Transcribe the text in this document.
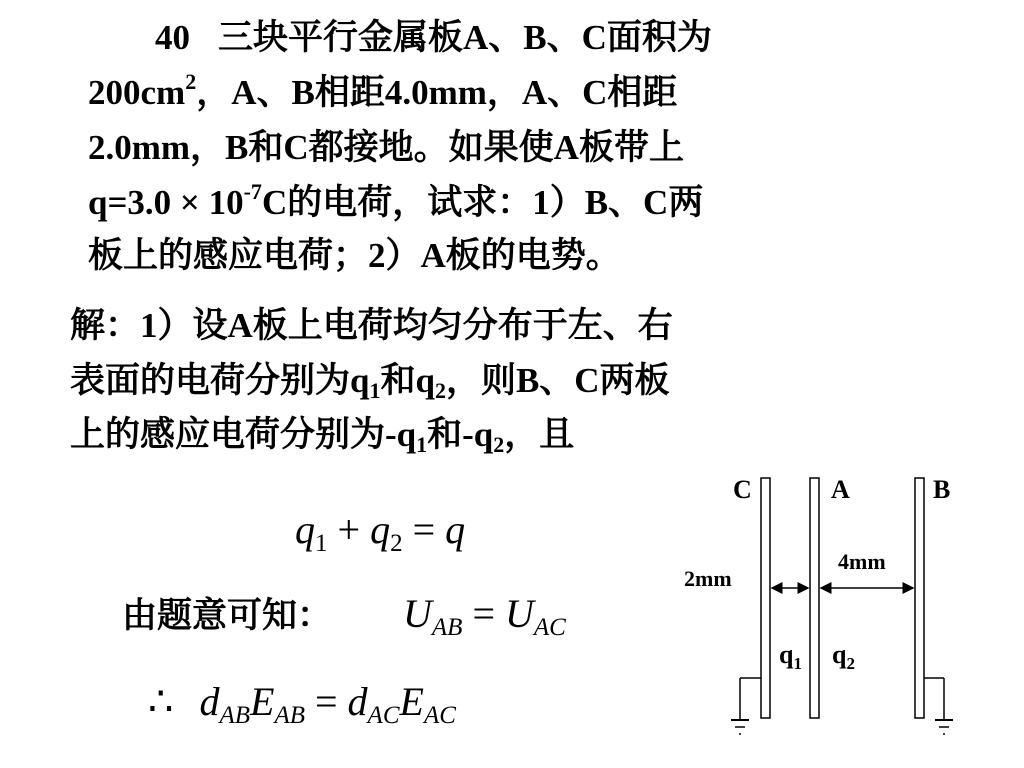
40 三块平行金属板A、B、C面积为
$200cm^2$，A、B相距4.0mm，A、C相距
2.0mm，B和C都接地。如果使A板带上
$q=3.0 \times 10^{-7}C$的电荷，试求：1）B、C两
板上的感应电荷；2）A板的电势。
解：1）设A板上电荷均匀分布于左、右
表面的电荷分别为$q_1$和$q_2$，则B、C两板
上的感应电荷分别为$-q_1$和$-q_2$，且
$q_1 + q_2 = q$
由题意可知： $U_{AB} = U_{AC}$
∴ $d_{AB}E_{AB} = d_{AC}E_{AC}$
C	A	B
2mm
4mm
$q_1$ $q_2$
